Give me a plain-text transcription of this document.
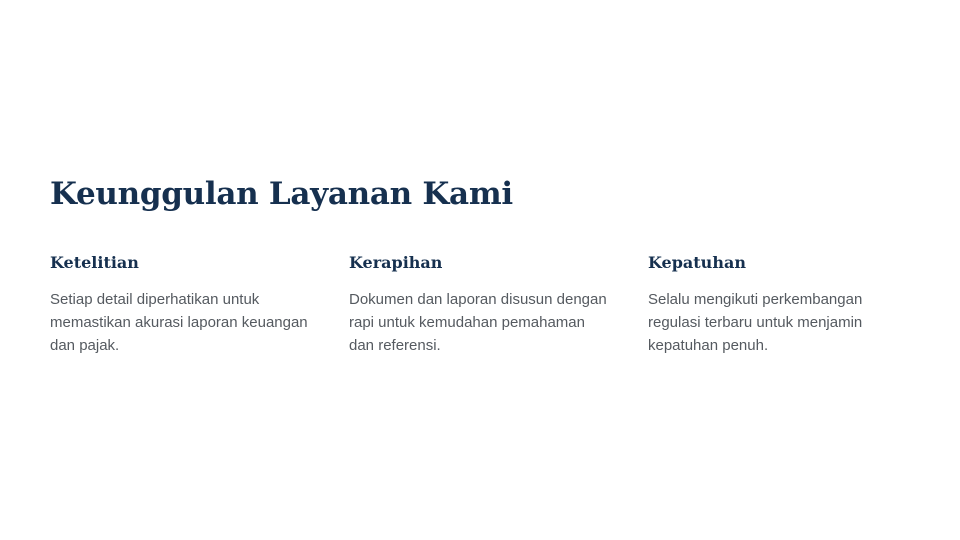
Keunggulan Layanan Kami
Ketelitian

Setiap detail diperhatikan untuk memastikan akurasi laporan keuangan dan pajak.

Kerapihan

Dokumen dan laporan disusun dengan rapi untuk kemudahan pemahaman dan referensi.

Kepatuhan

Selalu mengikuti perkembangan regulasi terbaru untuk menjamin kepatuhan penuh.
